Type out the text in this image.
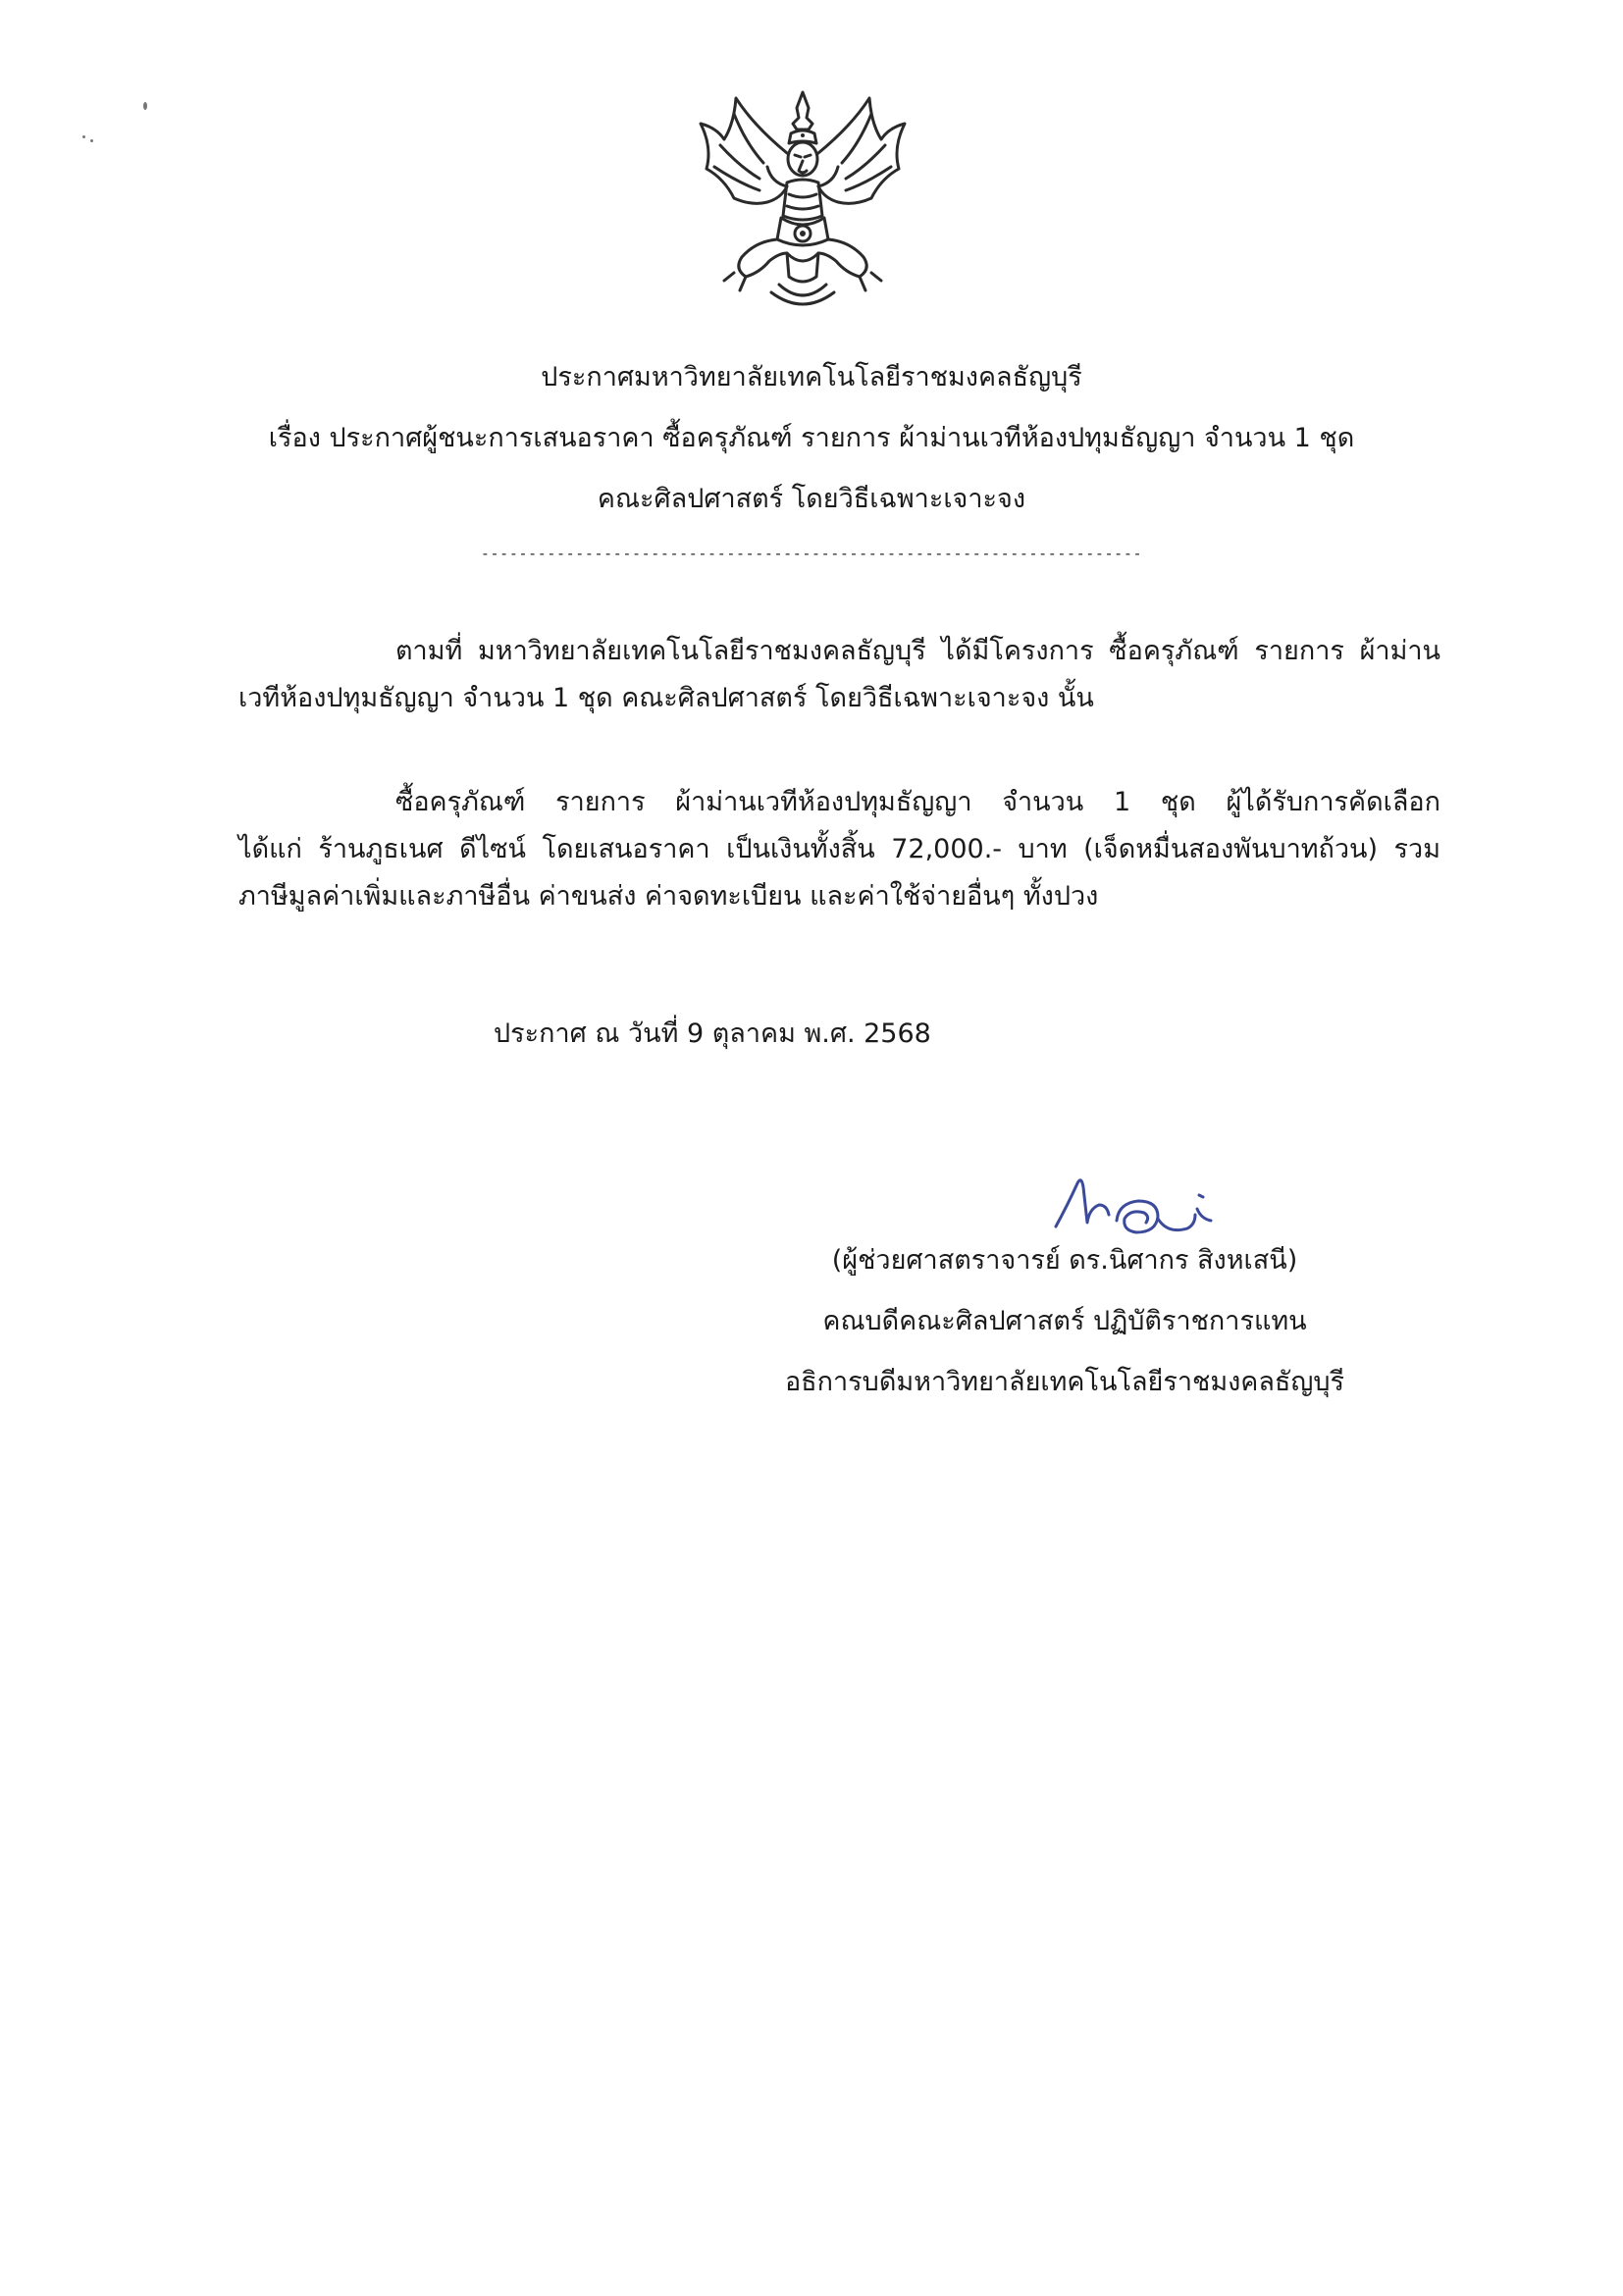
ประกาศมหาวิทยาลัยเทคโนโลยีราชมงคลธัญบุรี
เรื่อง ประกาศผู้ชนะการเสนอราคา ซื้อครุภัณฑ์ รายการ ผ้าม่านเวทีห้องปทุมธัญญา จำนวน 1 ชุด
คณะศิลปศาสตร์ โดยวิธีเฉพาะเจาะจง
----------------------------------------------------------------------
ตามที่ มหาวิทยาลัยเทคโนโลยีราชมงคลธัญบุรี ได้มีโครงการ ซื้อครุภัณฑ์ รายการ ผ้าม่าน
เวทีห้องปทุมธัญญา จำนวน 1 ชุด คณะศิลปศาสตร์ โดยวิธีเฉพาะเจาะจง นั้น
ซื้อครุภัณฑ์ รายการ ผ้าม่านเวทีห้องปทุมธัญญา จำนวน 1 ชุด ผู้ได้รับการคัดเลือก
ได้แก่ ร้านภูธเนศ ดีไซน์ โดยเสนอราคา เป็นเงินทั้งสิ้น 72,000.- บาท (เจ็ดหมื่นสองพันบาทถ้วน) รวม
ภาษีมูลค่าเพิ่มและภาษีอื่น ค่าขนส่ง ค่าจดทะเบียน และค่าใช้จ่ายอื่นๆ ทั้งปวง
ประกาศ ณ วันที่ 9 ตุลาคม พ.ศ. 2568
(ผู้ช่วยศาสตราจารย์ ดร.นิศากร สิงหเสนี)
คณบดีคณะศิลปศาสตร์ ปฏิบัติราชการแทน
อธิการบดีมหาวิทยาลัยเทคโนโลยีราชมงคลธัญบุรี
